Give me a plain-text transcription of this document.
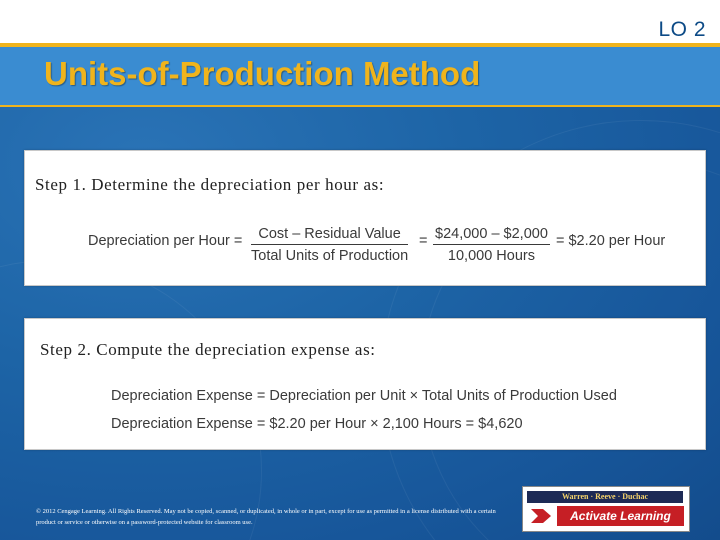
LO 2
Units-of-Production Method
Step 1. Determine the depreciation per hour as:
Depreciation per Hour =	Cost – Residual Value
Total Units of Production
= $24,000 – $2,000
10,000 Hours
= $2.20 per Hour
Step 2. Compute the depreciation expense as:
Depreciation Expense = Depreciation per Unit × Total Units of Production Used
Depreciation Expense = $2.20 per Hour × 2,100 Hours = $4,620
© 2012 Cengage Learning. All Rights Reserved. May not be copied, scanned, or duplicated, in whole or in part, except for use as permitted in a license distributed with a certain product or service or otherwise on a password-protected website for classroom use.
Warren · Reeve · Duchac
Activate Learning
